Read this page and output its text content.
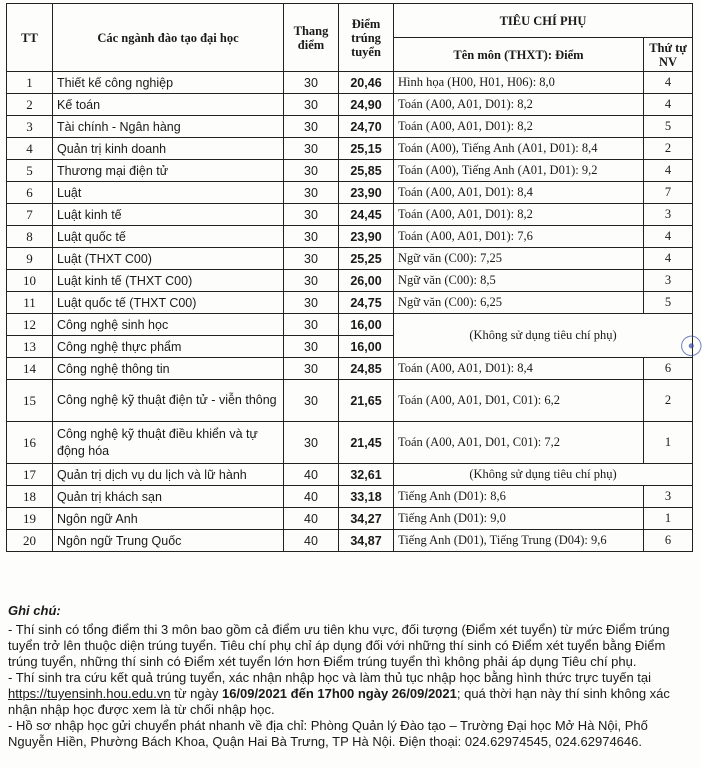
TT	Các ngành đào tạo đại học	Thang điểm	Điểm trúng tuyển	TIÊU CHÍ PHỤ	
				Tên môn (THXT): Điểm	Thứ tự NV
1	Thiết kế công nghiệp	30	20,46	Hình họa (H00, H01, H06): 8,0	4
2	Kế toán	30	24,90	Toán (A00, A01, D01): 8,2	4
3	Tài chính - Ngân hàng	30	24,70	Toán (A00, A01, D01): 8,2	5
4	Quản trị kinh doanh	30	25,15	Toán (A00), Tiếng Anh (A01, D01): 8,4	2
5	Thương mại điện tử	30	25,85	Toán (A00), Tiếng Anh (A01, D01): 9,2	4
6	Luật	30	23,90	Toán (A00, A01, D01): 8,4	7
7	Luật kinh tế	30	24,45	Toán (A00, A01, D01): 8,2	3
8	Luật quốc tế	30	23,90	Toán (A00, A01, D01): 7,6	4
9	Luật (THXT C00)	30	25,25	Ngữ văn (C00): 7,25	4
10	Luật kinh tế (THXT C00)	30	26,00	Ngữ văn (C00): 8,5	3
11	Luật quốc tế (THXT C00)	30	24,75	Ngữ văn (C00): 6,25	5
12	Công nghệ sinh học	30	16,00	(Không sử dụng tiêu chí phụ)	
13	Công nghệ thực phẩm	30	16,00		
14	Công nghệ thông tin	30	24,85	Toán (A00, A01, D01): 8,4	6
15	Công nghệ kỹ thuật điện tử - viễn thông	30	21,65	Toán (A00, A01, D01, C01): 6,2	2
16	Công nghệ kỹ thuật điều khiển và tự động hóa	30	21,45	Toán (A00, A01, D01, C01): 7,2	1
17	Quản trị dịch vụ du lịch và lữ hành	40	32,61	(Không sử dụng tiêu chí phụ)	
18	Quản trị khách sạn	40	33,18	Tiếng Anh (D01): 8,6	3
19	Ngôn ngữ Anh	40	34,27	Tiếng Anh (D01): 9,0	1
20	Ngôn ngữ Trung Quốc	40	34,87	Tiếng Anh (D01), Tiếng Trung (D04): 9,6	6
☉
Ghi chú:

- Thí sinh có tổng điểm thi 3 môn bao gồm cả điểm ưu tiên khu vực, đối tượng (Điểm xét tuyển) từ mức Điểm trúng tuyển trở lên thuộc diện trúng tuyển. Tiêu chí phụ chỉ áp dụng đối với những thí sinh có Điểm xét tuyển bằng Điểm trúng tuyển, những thí sinh có Điểm xét tuyển lớn hơn Điểm trúng tuyển thì không phải áp dụng Tiêu chí phụ.

- Thí sinh tra cứu kết quả trúng tuyển, xác nhận nhập học và làm thủ tục nhập học bằng hình thức trực tuyến tại https://tuyensinh.hou.edu.vn từ ngày 16/09/2021 đến 17h00 ngày 26/09/2021; quá thời hạn này thí sinh không xác nhận nhập học được xem là từ chối nhập học.

- Hồ sơ nhập học gửi chuyển phát nhanh về địa chỉ: Phòng Quản lý Đào tạo – Trường Đại học Mở Hà Nội, Phố Nguyễn Hiền, Phường Bách Khoa, Quận Hai Bà Trưng, TP Hà Nội. Điện thoại: 024.62974545, 024.62974646.
